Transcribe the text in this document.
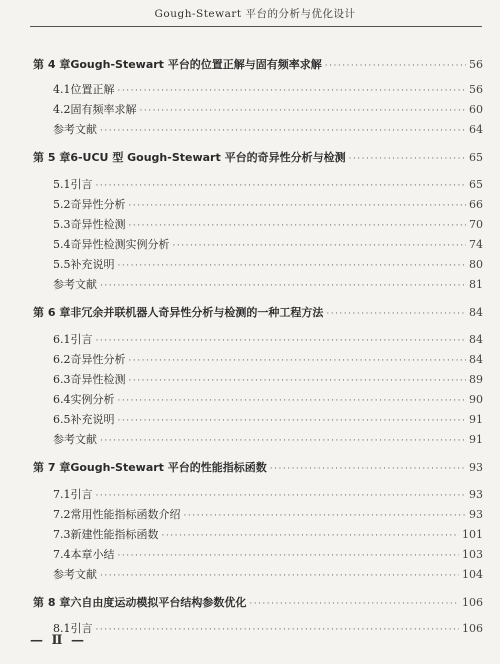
Gough-Stewart 平台的分析与优化设计
第 4 章 Gough-Stewart 平台的位置正解与固有频率求解 ·····	56
4.1 位置正解 ·····	56
4.2 固有频率求解 ·····	60
参考文献 ·····	64
第 5 章 6-UCU 型 Gough-Stewart 平台的奇异性分析与检测 ·····	65
5.1 引言 ·····	65
5.2 奇异性分析 ·····	66
5.3 奇异性检测 ·····	70
5.4 奇异性检测实例分析 ·····	74
5.5 补充说明 ·····	80
参考文献 ·····	81
第 6 章 非冗余并联机器人奇异性分析与检测的一种工程方法 ·····	84
6.1 引言 ·····	84
6.2 奇异性分析 ·····	84
6.3 奇异性检测 ·····	89
6.4 实例分析 ·····	90
6.5 补充说明 ·····	91
参考文献 ·····	91
第 7 章 Gough-Stewart 平台的性能指标函数 ·····	93
7.1 引言 ·····	93
7.2 常用性能指标函数介绍 ·····	93
7.3 新建性能指标函数 ·····	101
7.4 本章小结 ·····	103
参考文献 ·····	104
第 8 章 六自由度运动模拟平台结构参数优化 ·····	106
8.1 引言 ·····	106
— Ⅱ —
